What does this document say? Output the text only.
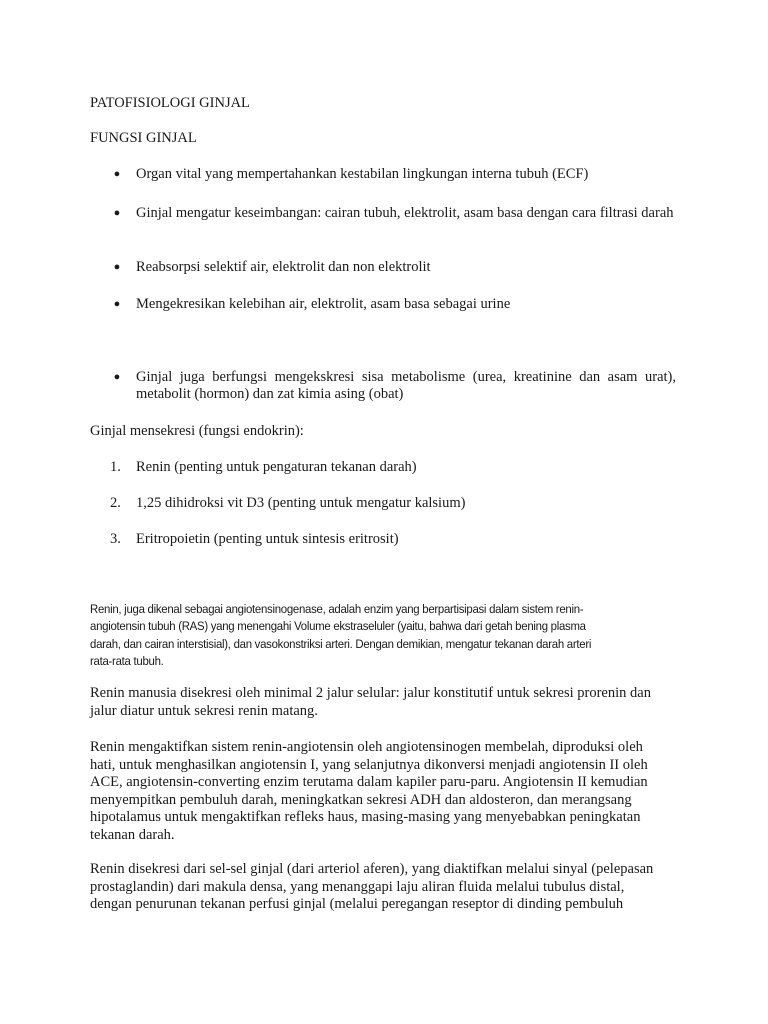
PATOFISIOLOGI GINJAL
FUNGSI GINJAL
● Organ vital yang mempertahankan kestabilan lingkungan interna tubuh (ECF)
● Ginjal mengatur keseimbangan: cairan tubuh, elektrolit, asam basa dengan cara filtrasi darah
● Reabsorpsi selektif air, elektrolit dan non elektrolit
● Mengekresikan kelebihan air, elektrolit, asam basa sebagai urine
● Ginjal juga berfungsi mengekskresi sisa metabolisme (urea, kreatinine dan asam urat), metabolit (hormon) dan zat kimia asing (obat)
Ginjal mensekresi (fungsi endokrin):
1.	Renin (penting untuk pengaturan tekanan darah)
2.	1,25 dihidroksi vit D3 (penting untuk mengatur kalsium)
3.	Eritropoietin (penting untuk sintesis eritrosit)
Renin, juga dikenal sebagai angiotensinogenase, adalah enzim yang berpartisipasi dalam sistem renin-
angiotensin tubuh (RAS) yang menengahi Volume ekstraseluler (yaitu, bahwa dari getah bening plasma
darah, dan cairan interstisial), dan vasokonstriksi arteri. Dengan demikian, mengatur tekanan darah arteri
rata-rata tubuh.
Renin manusia disekresi oleh minimal 2 jalur selular: jalur konstitutif untuk sekresi prorenin dan
jalur diatur untuk sekresi renin matang.
Renin mengaktifkan sistem renin-angiotensin oleh angiotensinogen membelah, diproduksi oleh
hati, untuk menghasilkan angiotensin I, yang selanjutnya dikonversi menjadi angiotensin II oleh
ACE, angiotensin-converting enzim terutama dalam kapiler paru-paru. Angiotensin II kemudian
menyempitkan pembuluh darah, meningkatkan sekresi ADH dan aldosteron, dan merangsang
hipotalamus untuk mengaktifkan refleks haus, masing-masing yang menyebabkan peningkatan
tekanan darah.
Renin disekresi dari sel-sel ginjal (dari arteriol aferen), yang diaktifkan melalui sinyal (pelepasan
prostaglandin) dari makula densa, yang menanggapi laju aliran fluida melalui tubulus distal,
dengan penurunan tekanan perfusi ginjal (melalui peregangan reseptor di dinding pembuluh
